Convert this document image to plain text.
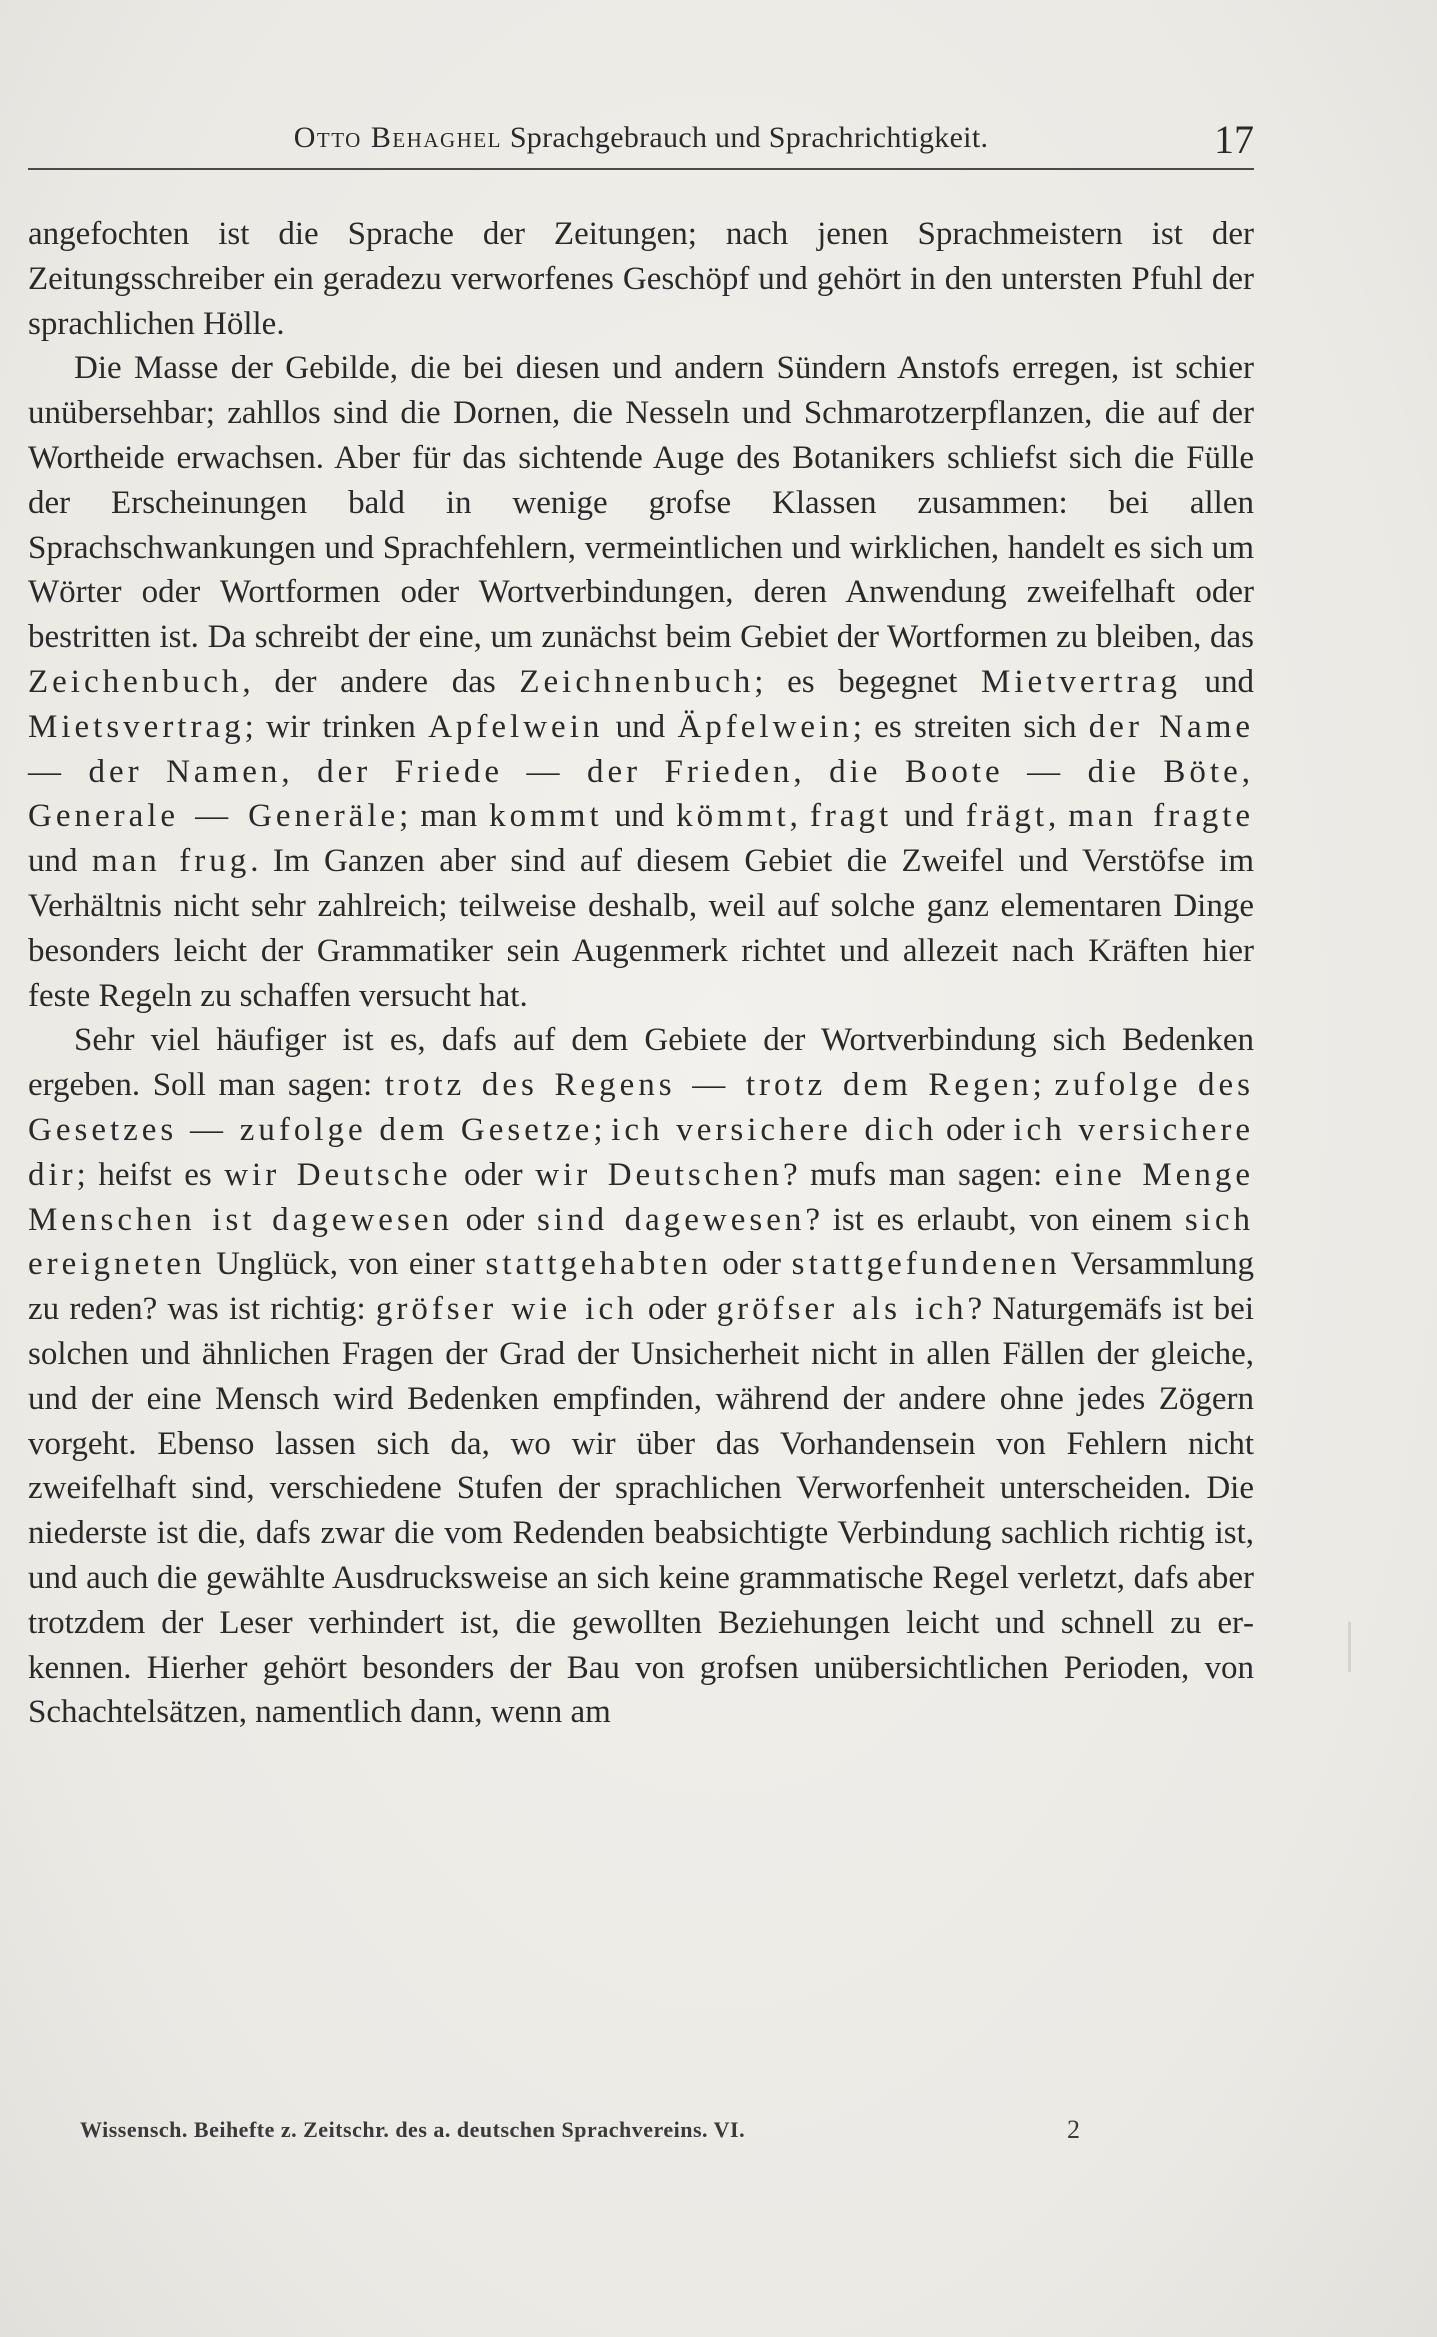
Otto Behaghel Sprachgebrauch und Sprachrichtigkeit.	17

angefochten ist die Sprache der Zeitungen; nach jenen Sprachmeistern ist der Zeitungsschreiber ein geradezu verworfenes Geschöpf und gehört in den untersten Pfuhl der sprachlichen Hölle.

Die Masse der Gebilde, die bei diesen und andern Sündern Anstofs erregen, ist schier unübersehbar; zahllos sind die Dornen, die Nesseln und Schmarotzerpflanzen, die auf der Wortheide erwachsen. Aber für das sichtende Auge des Botanikers schliefst sich die Fülle der Erscheinungen bald in wenige grofse Klassen zusammen: bei allen Sprachschwankungen und Sprachfehlern, vermeintlichen und wirklichen, handelt es sich um Wörter oder Wortformen oder Wortverbindungen, deren Anwendung zweifelhaft oder bestritten ist. Da schreibt der eine, um zunächst beim Gebiet der Wortformen zu bleiben, das Zeichenbuch, der andere das Zeichnenbuch; es begegnet Mietvertrag und Mietsvertrag; wir trinken Apfelwein und Äpfelwein; es streiten sich der Name — der Namen, der Friede — der Frieden, die Boote — die Böte, Generale — Generäle; man kommt und kömmt, fragt und frägt, man fragte und man frug. Im Ganzen aber sind auf diesem Gebiet die Zweifel und Verstöfse im Verhältnis nicht sehr zahlreich; teilweise deshalb, weil auf solche ganz elementaren Dinge besonders leicht der Grammatiker sein Augenmerk richtet und allezeit nach Kräften hier feste Regeln zu schaffen versucht hat.

Sehr viel häufiger ist es, dafs auf dem Gebiete der Wortverbindung sich Bedenken ergeben. Soll man sagen: trotz des Regens — trotz dem Regen; zufolge des Gesetzes — zufolge dem Gesetze; ich versichere dich oder ich versichere dir; heifst es wir Deutsche oder wir Deutschen? mufs man sagen: eine Menge Menschen ist dagewesen oder sind dagewesen? ist es erlaubt, von einem sich ereigneten Unglück, von einer stattgehabten oder stattgefundenen Versammlung zu reden? was ist richtig: gröfser wie ich oder gröfser als ich? Naturgemäfs ist bei solchen und ähnlichen Fragen der Grad der Unsicherheit nicht in allen Fällen der gleiche, und der eine Mensch wird Bedenken empfinden, während der andere ohne jedes Zögern vorgeht. Ebenso lassen sich da, wo wir über das Vorhandensein von Fehlern nicht zweifelhaft sind, verschiedene Stufen der sprachlichen Verworfenheit unterscheiden. Die niederste ist die, dafs zwar die vom Redenden beabsichtigte Verbindung sachlich richtig ist, und auch die gewählte Ausdrucksweise an sich keine grammatische Regel verletzt, dafs aber trotzdem der Leser verhindert ist, die gewollten Beziehungen leicht und schnell zu erkennen. Hierher gehört besonders der Bau von grofsen unübersichtlichen Perioden, von Schachtelsätzen, namentlich dann, wenn am

Wissensch. Beihefte z. Zeitschr. des a. deutschen Sprachvereins. VI.	2
